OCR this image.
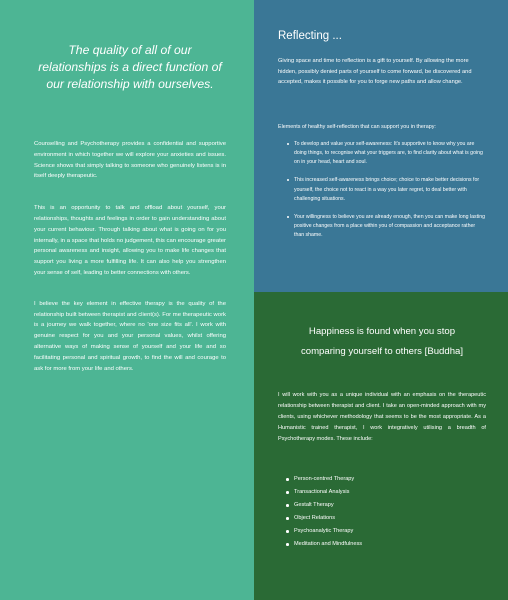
The quality of all of our relationships is a direct function of our relationship with ourselves.

Counselling and Psychotherapy provides a confidential and supportive environment in which together we will explore your anxieties and issues. Science shows that simply talking to someone who genuinely listens is in itself deeply therapeutic.

This is an opportunity to talk and offload about yourself, your relationships, thoughts and feelings in order to gain understanding about your current behaviour. Through talking about what is going on for you internally, in a space that holds no judgement, this can encourage greater personal awareness and insight, allowing you to make life changes that support you living a more fulfilling life. It can also help you strengthen your sense of self, leading to better connections with others.

I believe the key element in effective therapy is the quality of the relationship built between therapist and client(s). For me therapeutic work is a journey we walk together, where no 'one size fits all'. I work with genuine respect for you and your personal values, whilst offering alternative ways of making sense of yourself and your life and so facilitating personal and spiritual growth, to find the will and courage to ask for more from your life and others.

Reflecting ...

Giving space and time to reflection is a gift to yourself. By allowing the more hidden, possibly denied parts of yourself to come forward, be discovered and accepted, makes it possible for you to forge new paths and allow change.

Elements of healthy self-reflection that can support you in therapy:

To develop and value your self-awareness: It's supportive to know why you are doing things, to recognise what your triggers are, to find clarity about what is going on in your head, heart and soul.
This increased self-awareness brings choice; choice to make better decisions for yourself, the choice not to react in a way you later regret, to deal better with challenging situations.
Your willingness to believe you are already enough, then you can make long lasting positive changes from a place within you of compassion and acceptance rather than shame.
Happiness is found when you stop comparing yourself to others [Buddha]

I will work with you as a unique individual with an emphasis on the therapeutic relationship between therapist and client. I take an open-minded approach with my clients, using whichever methodology that seems to be the most appropriate. As a Humanistic trained therapist, I work integratively utilising a breadth of Psychotherapy modes. These include:

Person-centred Therapy
Transactional Analysis
Gestalt Therapy
Object Relations
Psychoanalytic Therapy
Meditation and Mindfulness
